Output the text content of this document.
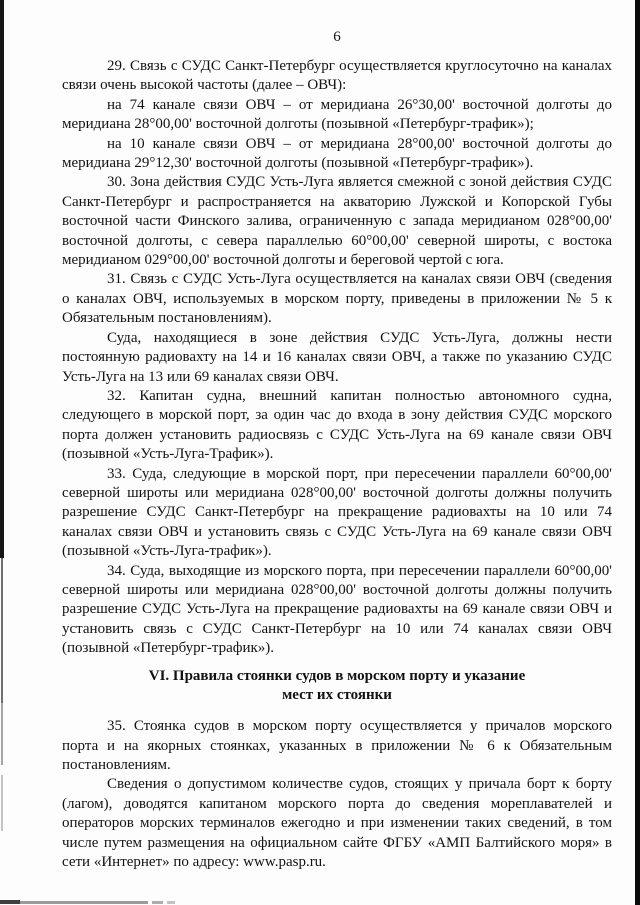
6

29. Связь с СУДС Санкт-Петербург осуществляется круглосуточно на каналах связи очень высокой частоты (далее – ОВЧ):

на 74 канале связи ОВЧ – от меридиана 26°30,00' восточной долготы до меридиана 28°00,00' восточной долготы (позывной «Петербург-трафик»);

на 10 канале связи ОВЧ – от меридиана 28°00,00' восточной долготы до меридиана 29°12,30' восточной долготы (позывной «Петербург-трафик»).

30. Зона действия СУДС Усть-Луга является смежной с зоной действия СУДС Санкт-Петербург и распространяется на акваторию Лужской и Копорской Губы восточной части Финского залива, ограниченную с запада меридианом 028°00,00' восточной долготы, с севера параллелью 60°00,00' северной широты, с востока меридианом 029°00,00' восточной долготы и береговой чертой с юга.

31. Связь с СУДС Усть-Луга осуществляется на каналах связи ОВЧ (сведения о каналах ОВЧ, используемых в морском порту, приведены в приложении № 5 к Обязательным постановлениям).

Суда, находящиеся в зоне действия СУДС Усть-Луга, должны нести постоянную радиовахту на 14 и 16 каналах связи ОВЧ, а также по указанию СУДС Усть-Луга на 13 или 69 каналах связи ОВЧ.

32. Капитан судна, внешний капитан полностью автономного судна, следующего в морской порт, за один час до входа в зону действия СУДС морского порта должен установить радиосвязь с СУДС Усть-Луга на 69 канале связи ОВЧ (позывной «Усть-Луга-Трафик»).

33. Суда, следующие в морской порт, при пересечении параллели 60°00,00' северной широты или меридиана 028°00,00' восточной долготы должны получить разрешение СУДС Санкт-Петербург на прекращение радиовахты на 10 или 74 каналах связи ОВЧ и установить связь с СУДС Усть-Луга на 69 канале связи ОВЧ (позывной «Усть-Луга-трафик»).

34. Суда, выходящие из морского порта, при пересечении параллели 60°00,00' северной широты или меридиана 028°00,00' восточной долготы должны получить разрешение СУДС Усть-Луга на прекращение радиовахты на 69 канале связи ОВЧ и установить связь с СУДС Санкт-Петербург на 10 или 74 каналах связи ОВЧ (позывной «Петербург-трафик»).

VI. Правила стоянки судов в морском порту и указание
мест их стоянки

35. Стоянка судов в морском порту осуществляется у причалов морского порта и на якорных стоянках, указанных в приложении № 6 к Обязательным постановлениям.

Сведения о допустимом количестве судов, стоящих у причала борт к борту (лагом), доводятся капитаном морского порта до сведения мореплавателей и операторов морских терминалов ежегодно и при изменении таких сведений, в том числе путем размещения на официальном сайте ФГБУ «АМП Балтийского моря» в сети «Интернет» по адресу: www.pasp.ru.
